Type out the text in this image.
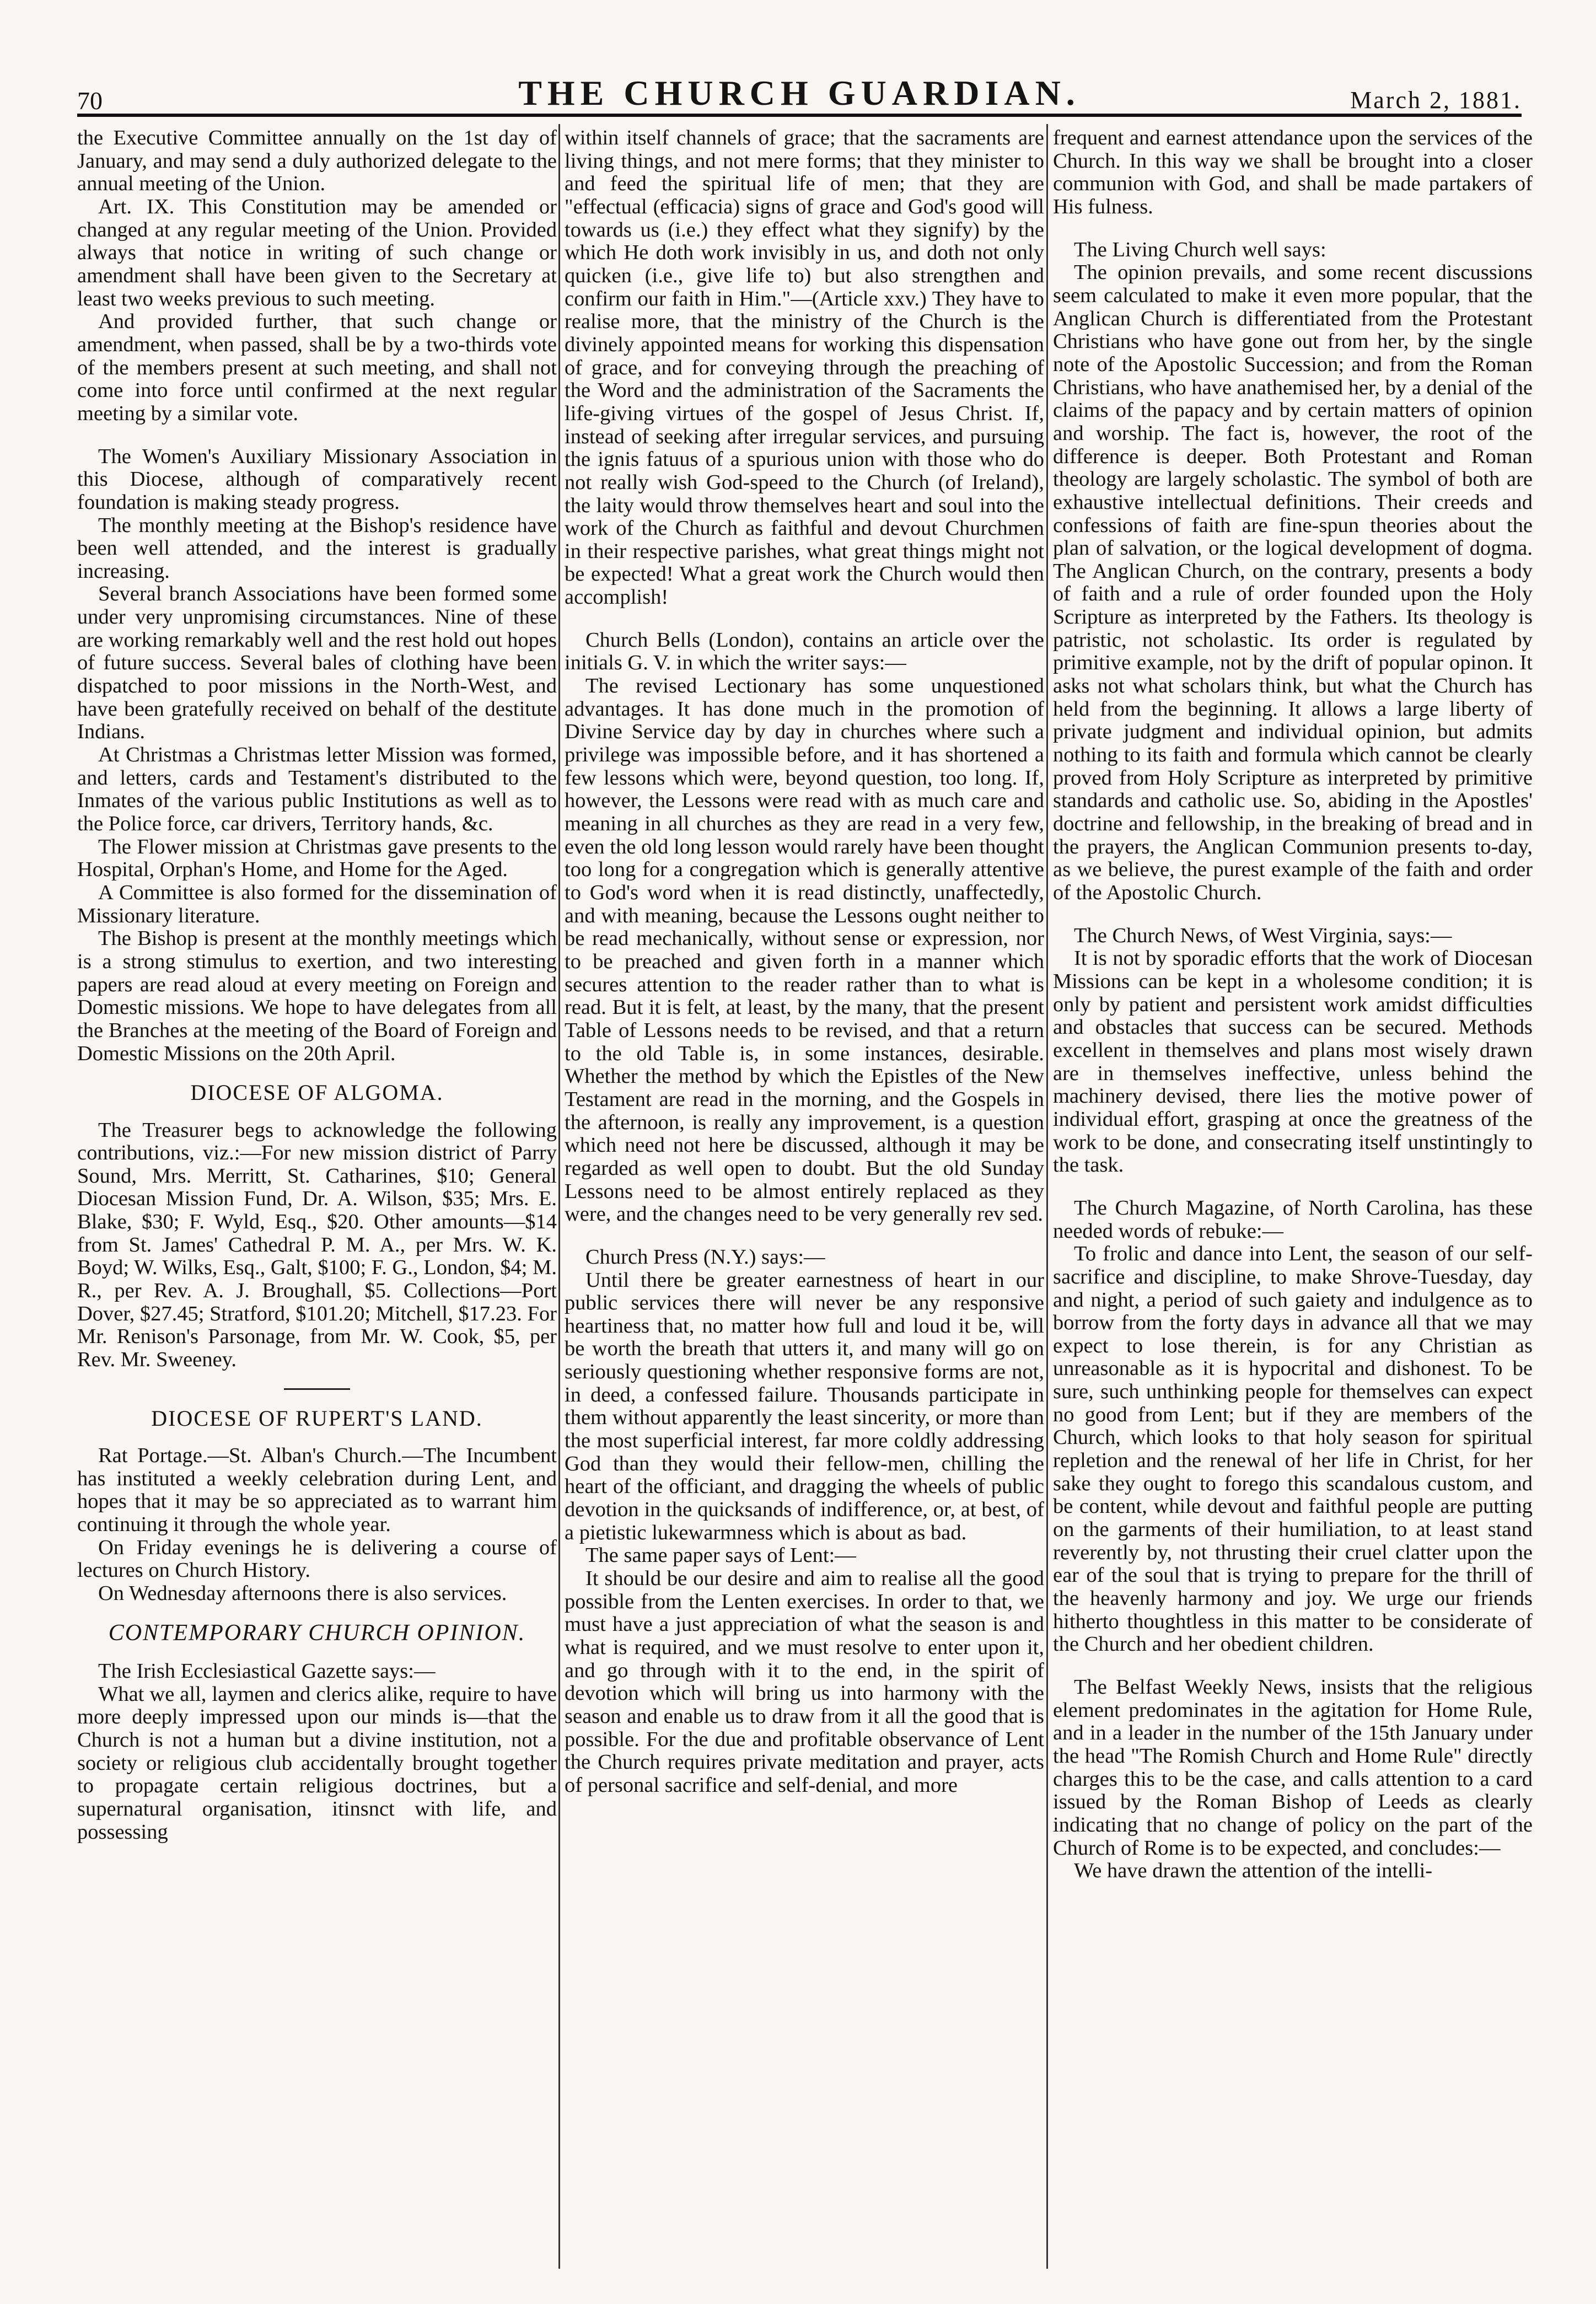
70	THE CHURCH GUARDIAN.	March 2, 1881.

the Executive Committee annually on the 1st day of January, and may send a duly authorized delegate to the annual meeting of the Union.

Art. IX. This Constitution may be amended or changed at any regular meeting of the Union. Provided always that notice in writing of such change or amendment shall have been given to the Secretary at least two weeks previous to such meeting.

And provided further, that such change or amendment, when passed, shall be by a two-thirds vote of the members present at such meeting, and shall not come into force until confirmed at the next regular meeting by a similar vote.

The Women's Auxiliary Missionary Association in this Diocese, although of comparatively recent foundation is making steady progress.

The monthly meeting at the Bishop's residence have been well attended, and the interest is gradually increasing.

Several branch Associations have been formed some under very unpromising circumstances. Nine of these are working remarkably well and the rest hold out hopes of future success. Several bales of clothing have been dispatched to poor missions in the North-West, and have been gratefully received on behalf of the destitute Indians.

At Christmas a Christmas letter Mission was formed, and letters, cards and Testament's distributed to the Inmates of the various public Institutions as well as to the Police force, car drivers, Territory hands, &c.

The Flower mission at Christmas gave presents to the Hospital, Orphan's Home, and Home for the Aged.

A Committee is also formed for the dissemination of Missionary literature.

The Bishop is present at the monthly meetings which is a strong stimulus to exertion, and two interesting papers are read aloud at every meeting on Foreign and Domestic missions. We hope to have delegates from all the Branches at the meeting of the Board of Foreign and Domestic Missions on the 20th April.

DIOCESE OF ALGOMA.

The Treasurer begs to acknowledge the following contributions, viz.:—For new mission district of Parry Sound, Mrs. Merritt, St. Catharines, $10; General Diocesan Mission Fund, Dr. A. Wilson, $35; Mrs. E. Blake, $30; F. Wyld, Esq., $20. Other amounts—$14 from St. James' Cathedral P. M. A., per Mrs. W. K. Boyd; W. Wilks, Esq., Galt, $100; F. G., London, $4; M. R., per Rev. A. J. Broughall, $5. Collections—Port Dover, $27.45; Stratford, $101.20; Mitchell, $17.23. For Mr. Renison's Parsonage, from Mr. W. Cook, $5, per Rev. Mr. Sweeney.

DIOCESE OF RUPERT'S LAND.

Rat Portage.—St. Alban's Church.—The Incumbent has instituted a weekly celebration during Lent, and hopes that it may be so appreciated as to warrant him continuing it through the whole year.

On Friday evenings he is delivering a course of lectures on Church History.

On Wednesday afternoons there is also services.

CONTEMPORARY CHURCH OPINION.

The Irish Ecclesiastical Gazette says:—

What we all, laymen and clerics alike, require to have more deeply impressed upon our minds is—that the Church is not a human but a divine institution, not a society or religious club accidentally brought together to propagate certain religious doctrines, but a supernatural organisation, itinsnct with life, and possessing

within itself channels of grace; that the sacraments are living things, and not mere forms; that they minister to and feed the spiritual life of men; that they are "effectual (efficacia) signs of grace and God's good will towards us (i.e.) they effect what they signify) by the which He doth work invisibly in us, and doth not only quicken (i.e., give life to) but also strengthen and confirm our faith in Him."—(Article xxv.) They have to realise more, that the ministry of the Church is the divinely appointed means for working this dispensation of grace, and for conveying through the preaching of the Word and the administration of the Sacraments the life-giving virtues of the gospel of Jesus Christ. If, instead of seeking after irregular services, and pursuing the ignis fatuus of a spurious union with those who do not really wish God-speed to the Church (of Ireland), the laity would throw themselves heart and soul into the work of the Church as faithful and devout Churchmen in their respective parishes, what great things might not be expected! What a great work the Church would then accomplish!

Church Bells (London), contains an article over the initials G. V. in which the writer says:—

The revised Lectionary has some unquestioned advantages. It has done much in the promotion of Divine Service day by day in churches where such a privilege was impossible before, and it has shortened a few lessons which were, beyond question, too long. If, however, the Lessons were read with as much care and meaning in all churches as they are read in a very few, even the old long lesson would rarely have been thought too long for a congregation which is generally attentive to God's word when it is read distinctly, unaffectedly, and with meaning, because the Lessons ought neither to be read mechanically, without sense or expression, nor to be preached and given forth in a manner which secures attention to the reader rather than to what is read. But it is felt, at least, by the many, that the present Table of Lessons needs to be revised, and that a return to the old Table is, in some instances, desirable. Whether the method by which the Epistles of the New Testament are read in the morning, and the Gospels in the afternoon, is really any improvement, is a question which need not here be discussed, although it may be regarded as well open to doubt. But the old Sunday Lessons need to be almost entirely replaced as they were, and the changes need to be very generally rev sed.

Church Press (N.Y.) says:—

Until there be greater earnestness of heart in our public services there will never be any responsive heartiness that, no matter how full and loud it be, will be worth the breath that utters it, and many will go on seriously questioning whether responsive forms are not, in deed, a confessed failure. Thousands participate in them without apparently the least sincerity, or more than the most superficial interest, far more coldly addressing God than they would their fellow-men, chilling the heart of the officiant, and dragging the wheels of public devotion in the quicksands of indifference, or, at best, of a pietistic lukewarmness which is about as bad.

The same paper says of Lent:—

It should be our desire and aim to realise all the good possible from the Lenten exercises. In order to that, we must have a just appreciation of what the season is and what is required, and we must resolve to enter upon it, and go through with it to the end, in the spirit of devotion which will bring us into harmony with the season and enable us to draw from it all the good that is possible. For the due and profitable observance of Lent the Church requires private meditation and prayer, acts of personal sacrifice and self-denial, and more

frequent and earnest attendance upon the services of the Church. In this way we shall be brought into a closer communion with God, and shall be made partakers of His fulness.

The Living Church well says:

The opinion prevails, and some recent discussions seem calculated to make it even more popular, that the Anglican Church is differentiated from the Protestant Christians who have gone out from her, by the single note of the Apostolic Succession; and from the Roman Christians, who have anathemised her, by a denial of the claims of the papacy and by certain matters of opinion and worship. The fact is, however, the root of the difference is deeper. Both Protestant and Roman theology are largely scholastic. The symbol of both are exhaustive intellectual definitions. Their creeds and confessions of faith are fine-spun theories about the plan of salvation, or the logical development of dogma. The Anglican Church, on the contrary, presents a body of faith and a rule of order founded upon the Holy Scripture as interpreted by the Fathers. Its theology is patristic, not scholastic. Its order is regulated by primitive example, not by the drift of popular opinon. It asks not what scholars think, but what the Church has held from the beginning. It allows a large liberty of private judgment and individual opinion, but admits nothing to its faith and formula which cannot be clearly proved from Holy Scripture as interpreted by primitive standards and catholic use. So, abiding in the Apostles' doctrine and fellowship, in the breaking of bread and in the prayers, the Anglican Communion presents to-day, as we believe, the purest example of the faith and order of the Apostolic Church.

The Church News, of West Virginia, says:—

It is not by sporadic efforts that the work of Diocesan Missions can be kept in a wholesome condition; it is only by patient and persistent work amidst difficulties and obstacles that success can be secured. Methods excellent in themselves and plans most wisely drawn are in themselves ineffective, unless behind the machinery devised, there lies the motive power of individual effort, grasping at once the greatness of the work to be done, and consecrating itself unstintingly to the task.

The Church Magazine, of North Carolina, has these needed words of rebuke:—

To frolic and dance into Lent, the season of our self-sacrifice and discipline, to make Shrove-Tuesday, day and night, a period of such gaiety and indulgence as to borrow from the forty days in advance all that we may expect to lose therein, is for any Christian as unreasonable as it is hypocrital and dishonest. To be sure, such unthinking people for themselves can expect no good from Lent; but if they are members of the Church, which looks to that holy season for spiritual repletion and the renewal of her life in Christ, for her sake they ought to forego this scandalous custom, and be content, while devout and faithful people are putting on the garments of their humiliation, to at least stand reverently by, not thrusting their cruel clatter upon the ear of the soul that is trying to prepare for the thrill of the heavenly harmony and joy. We urge our friends hitherto thoughtless in this matter to be considerate of the Church and her obedient children.

The Belfast Weekly News, insists that the religious element predominates in the agitation for Home Rule, and in a leader in the number of the 15th January under the head "The Romish Church and Home Rule" directly charges this to be the case, and calls attention to a card issued by the Roman Bishop of Leeds as clearly indicating that no change of policy on the part of the Church of Rome is to be expected, and concludes:—

We have drawn the attention of the intelli-
